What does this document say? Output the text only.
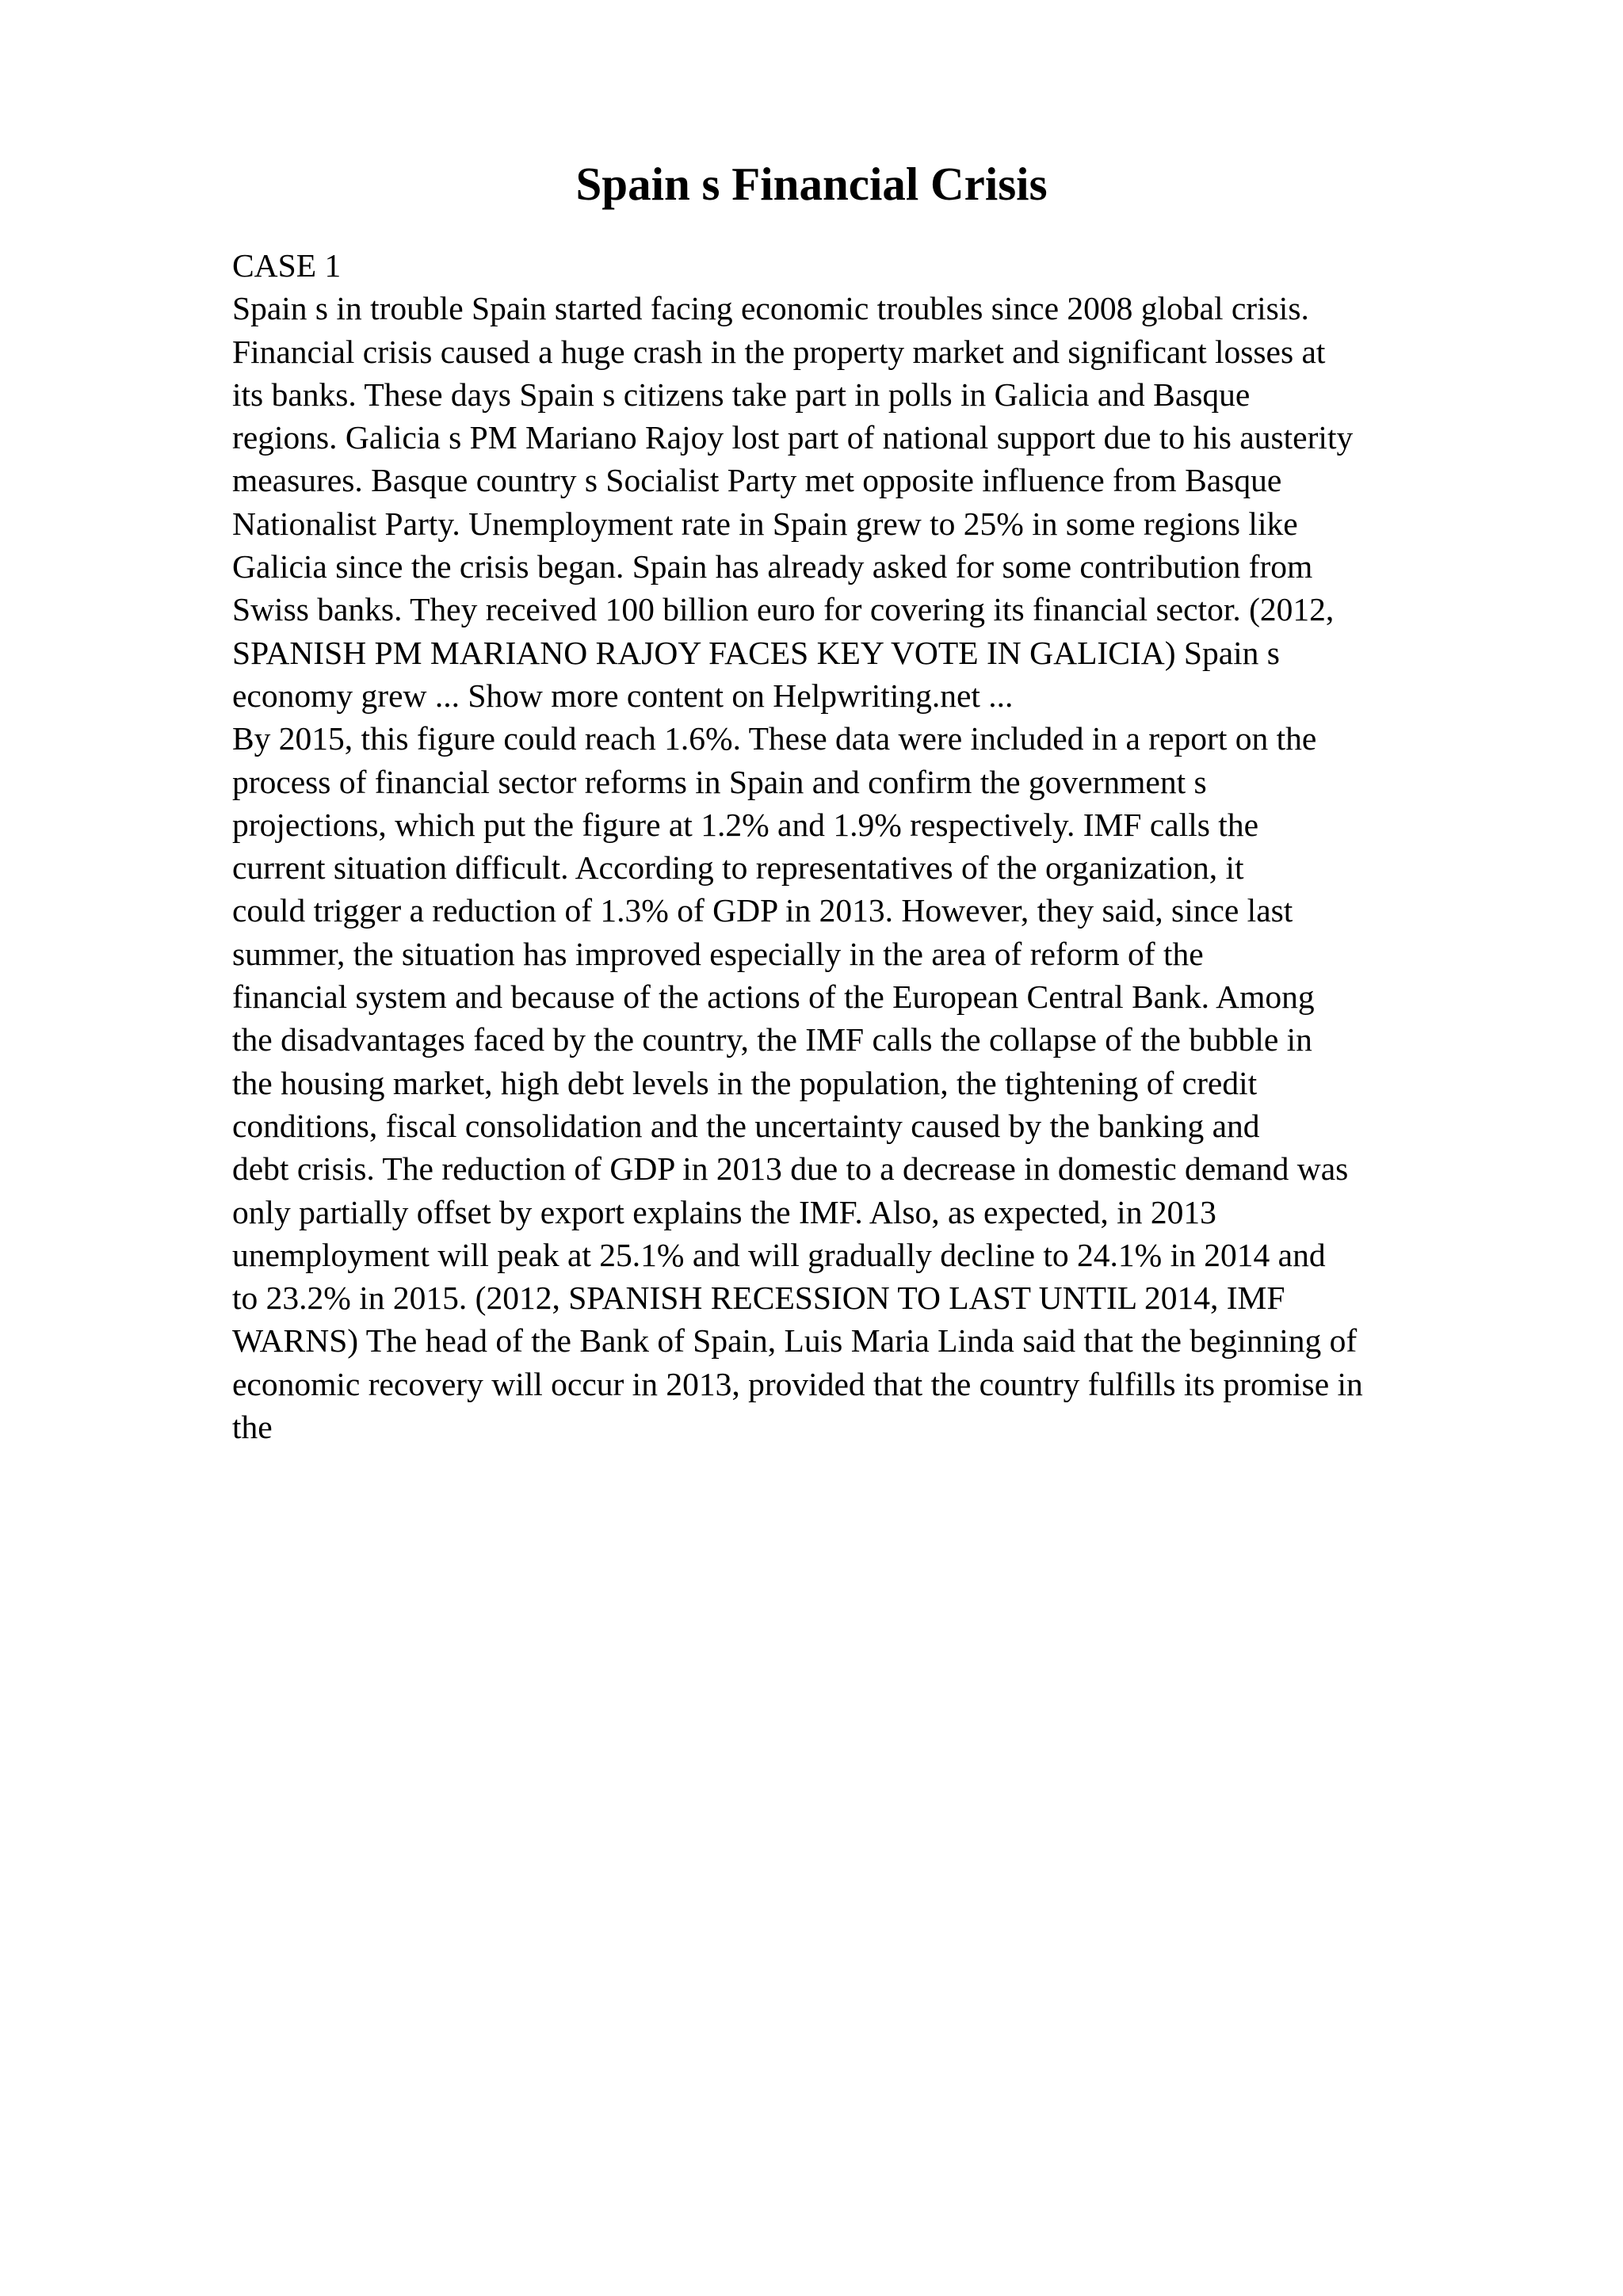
Spain s Financial Crisis
CASE 1
Spain s in trouble Spain started facing economic troubles since 2008 global crisis.
Financial crisis caused a huge crash in the property market and significant losses at
its banks. These days Spain s citizens take part in polls in Galicia and Basque
regions. Galicia s PM Mariano Rajoy lost part of national support due to his austerity
measures. Basque country s Socialist Party met opposite influence from Basque
Nationalist Party. Unemployment rate in Spain grew to 25% in some regions like
Galicia since the crisis began. Spain has already asked for some contribution from
Swiss banks. They received 100 billion euro for covering its financial sector. (2012,
SPANISH PM MARIANO RAJOY FACES KEY VOTE IN GALICIA) Spain s
economy grew ... Show more content on Helpwriting.net ...
By 2015, this figure could reach 1.6%. These data were included in a report on the
process of financial sector reforms in Spain and confirm the government s
projections, which put the figure at 1.2% and 1.9% respectively. IMF calls the
current situation difficult. According to representatives of the organization, it
could trigger a reduction of 1.3% of GDP in 2013. However, they said, since last
summer, the situation has improved especially in the area of reform of the
financial system and because of the actions of the European Central Bank. Among
the disadvantages faced by the country, the IMF calls the collapse of the bubble in
the housing market, high debt levels in the population, the tightening of credit
conditions, fiscal consolidation and the uncertainty caused by the banking and
debt crisis. The reduction of GDP in 2013 due to a decrease in domestic demand was
only partially offset by export explains the IMF. Also, as expected, in 2013
unemployment will peak at 25.1% and will gradually decline to 24.1% in 2014 and
to 23.2% in 2015. (2012, SPANISH RECESSION TO LAST UNTIL 2014, IMF
WARNS) The head of the Bank of Spain, Luis Maria Linda said that the beginning of
economic recovery will occur in 2013, provided that the country fulfills its promise in
the
